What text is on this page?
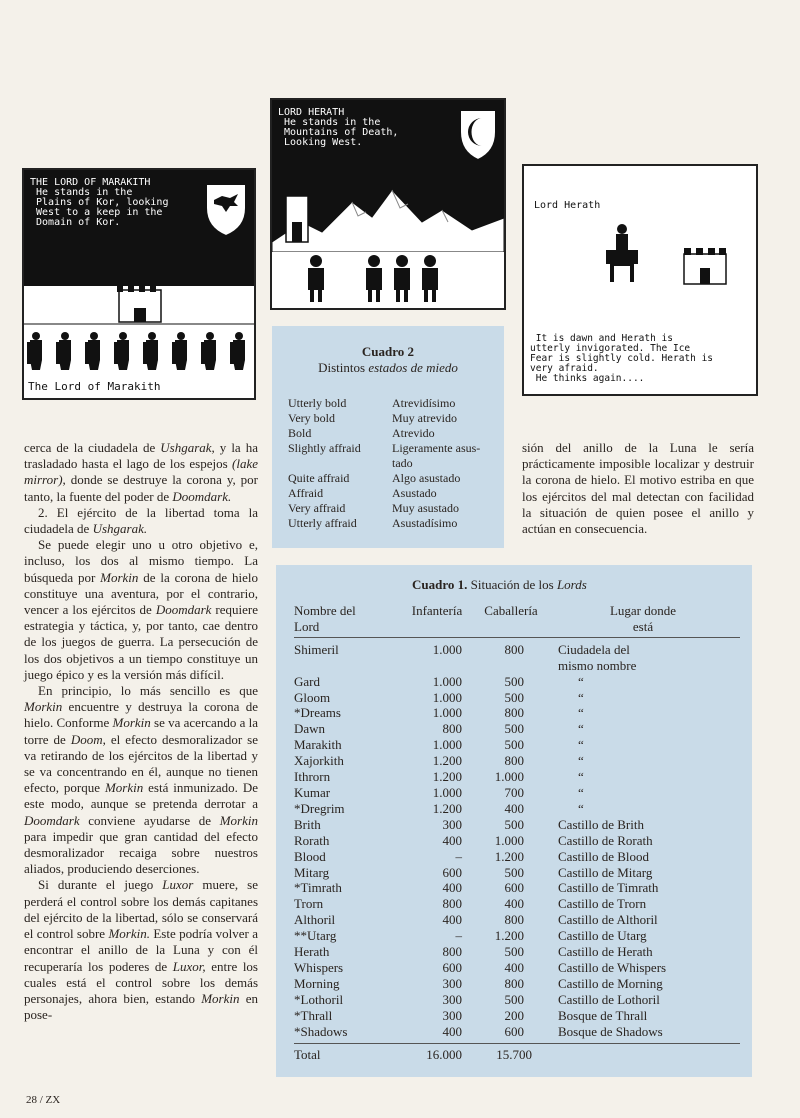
THE LORD OF MARAKITH
He stands in the
Plains of Kor, looking
West to a keep in the
Domain of Kor.
The Lord of Marakith
LORD HERATH
He stands in the
Mountains of Death,
Looking West.
Lord Herath
It is dawn and Herath is
utterly invigorated. The Ice
Fear is slightly cold. Herath is
very afraid.
He thinks again....
Cuadro 2
Distintos estados de miedo
Utterly bold	Atrevidísimo
Very bold	Muy atrevido
Bold	Atrevido
Slightly affraid	Ligeramente asus-
tado
Quite affraid	Algo asustado
Affraid	Asustado
Very affraid	Muy asustado
Utterly affraid	Asustadísimo

cerca de la ciudadela de Ushgarak, y la ha trasladado hasta el lago de los espejos (lake mirror), donde se destruye la corona y, por tanto, la fuente del poder de Doomdark.

2. El ejército de la libertad toma la ciudadela de Ushgarak.

Se puede elegir uno u otro objetivo e, incluso, los dos al mismo tiempo. La búsqueda por Morkin de la corona de hielo constituye una aventura, por el contrario, vencer a los ejércitos de Doomdark requiere estrategia y táctica, y, por tanto, cae dentro de los juegos de guerra. La persecución de los dos objetivos a un tiempo constituye un juego épico y es la versión más difícil.

En principio, lo más sencillo es que Morkin encuentre y destruya la corona de hielo. Conforme Morkin se va acercando a la torre de Doom, el efecto desmoralizador se va retirando de los ejércitos de la libertad y se va concentrando en él, aunque no tienen efecto, porque Morkin está inmunizado. De este modo, aunque se pretenda derrotar a Doomdark conviene ayudarse de Morkin para impedir que gran cantidad del efecto desmoralizador recaiga sobre nuestros aliados, produciendo deserciones.

Si durante el juego Luxor muere, se perderá el control sobre los demás capitanes del ejército de la libertad, sólo se conservará el control sobre Morkin. Este podría volver a encontrar el anillo de la Luna y con él recuperaría los poderes de Luxor, entre los cuales está el control sobre los demás personajes, ahora bien, estando Morkin en pose-

sión del anillo de la Luna le sería prácticamente imposible localizar y destruir la corona de hielo. El motivo estriba en que los ejércitos del mal detectan con facilidad la situación de quien posee el anillo y actúan en consecuencia.
Cuadro 1. Situación de los Lords
Nombre del
Lord	Infantería	Caballería	Lugar donde
está
Shimeril	1.000	800	Ciudadela del
mismo nombre
Gard	1.000	500	“
Gloom	1.000	500	“
*Dreams	1.000	800	“
Dawn	800	500	“
Marakith	1.000	500	“
Xajorkith	1.200	800	“
Ithrorn	1.200	1.000	“
Kumar	1.000	700	“
*Dregrim	1.200	400	“
Brith	300	500	Castillo de Brith
Rorath	400	1.000	Castillo de Rorath
Blood	–	1.200	Castillo de Blood
Mitarg	600	500	Castillo de Mitarg
*Timrath	400	600	Castillo de Timrath
Trorn	800	400	Castillo de Trorn
Althoril	400	800	Castillo de Althoril
**Utarg	–	1.200	Castillo de Utarg
Herath	800	500	Castillo de Herath
Whispers	600	400	Castillo de Whispers
Morning	300	800	Castillo de Morning
*Lothoril	300	500	Castillo de Lothoril
*Thrall	300	200	Bosque de Thrall
*Shadows	400	600	Bosque de Shadows
Total	16.000	15.700	
28 / ZX
